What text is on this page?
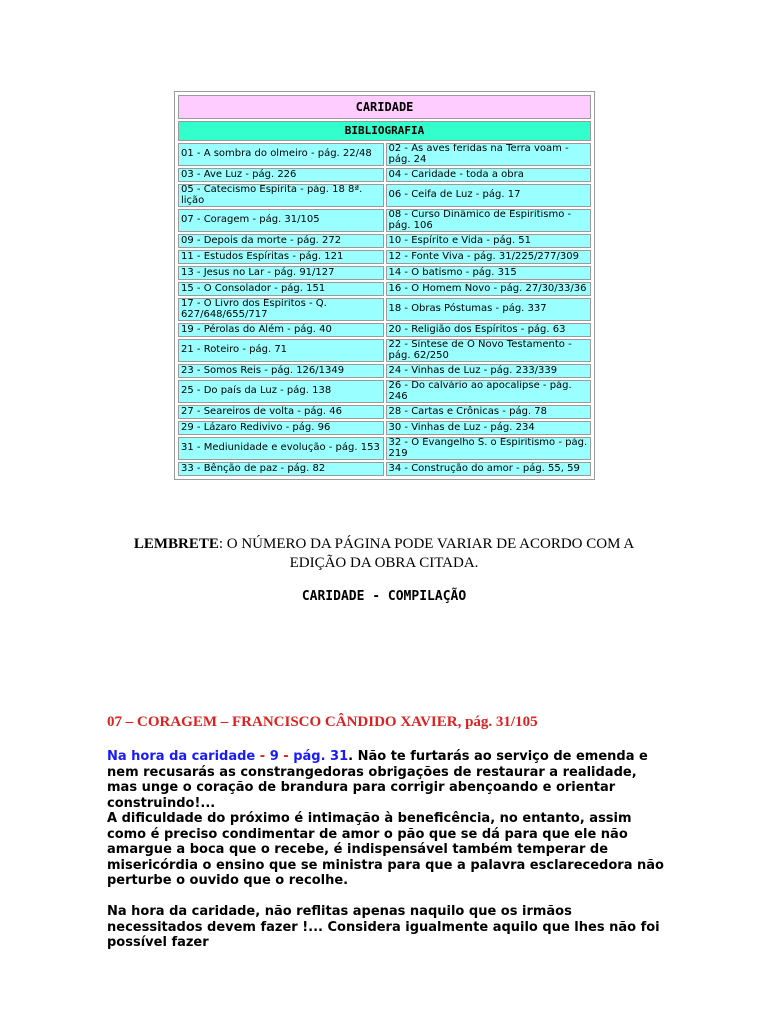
CARIDADE	
BIBLIOGRAFIA	
01 - A sombra do olmeiro - pág. 22/48	02 - As aves feridas na Terra voam - pág. 24
03 - Ave Luz - pág. 226	04 - Caridade - toda a obra
05 - Catecismo Espírita - pág. 18 8ª. lição	06 - Ceifa de Luz - pág. 17
07 - Coragem - pág. 31/105	08 - Curso Dinâmico de Espiritismo - pág. 106
09 - Depois da morte - pág. 272	10 - Espírito e Vida - pág. 51
11 - Estudos Espíritas - pág. 121	12 - Fonte Viva - pág. 31/225/277/309
13 - Jesus no Lar - pág. 91/127	14 - O batismo - pág. 315
15 - O Consolador - pág. 151	16 - O Homem Novo - pág. 27/30/33/36
17 - O Livro dos Espíritos - Q. 627/648/655/717	18 - Obras Póstumas - pág. 337
19 - Pérolas do Além - pág. 40	20 - Religião dos Espíritos - pág. 63
21 - Roteiro - pág. 71	22 - Síntese de O Novo Testamento - pág. 62/250
23 - Somos Reis - pág. 126/1349	24 - Vinhas de Luz - pág. 233/339
25 - Do país da Luz - pág. 138	26 - Do calvário ao apocalipse - pág. 246
27 - Seareiros de volta - pág. 46	28 - Cartas e Crônicas - pág. 78
29 - Lázaro Redivivo - pág. 96	30 - Vinhas de Luz - pág. 234
31 - Mediunidade e evolução - pág. 153	32 - O Evangelho S. o Espiritismo - pág. 219
33 - Bênção de paz - pág. 82	34 - Construção do amor - pág. 55, 59
LEMBRETE: O NÚMERO DA PÁGINA PODE VARIAR DE ACORDO COM A EDIÇÃO DA OBRA CITADA.
CARIDADE - COMPILAÇÃO
07 – CORAGEM – FRANCISCO CÂNDIDO XAVIER, pág. 31/105

Na hora da caridade - 9 - pág. 31. Não te furtarás ao serviço de emenda e nem recusarás as constrangedoras obrigações de restaurar a realidade, mas unge o coração de brandura para corrigir abençoando e orientar construindo!...

A dificuldade do próximo é intimação à beneficência, no entanto, assim como é preciso condimentar de amor o pão que se dá para que ele não amargue a boca que o recebe, é indispensável também temperar de misericórdia o ensino que se ministra para que a palavra esclarecedora não perturbe o ouvido que o recolhe.

Na hora da caridade, não reflitas apenas naquilo que os irmãos necessitados devem fazer !... Considera igualmente aquilo que lhes não foi possível fazer
